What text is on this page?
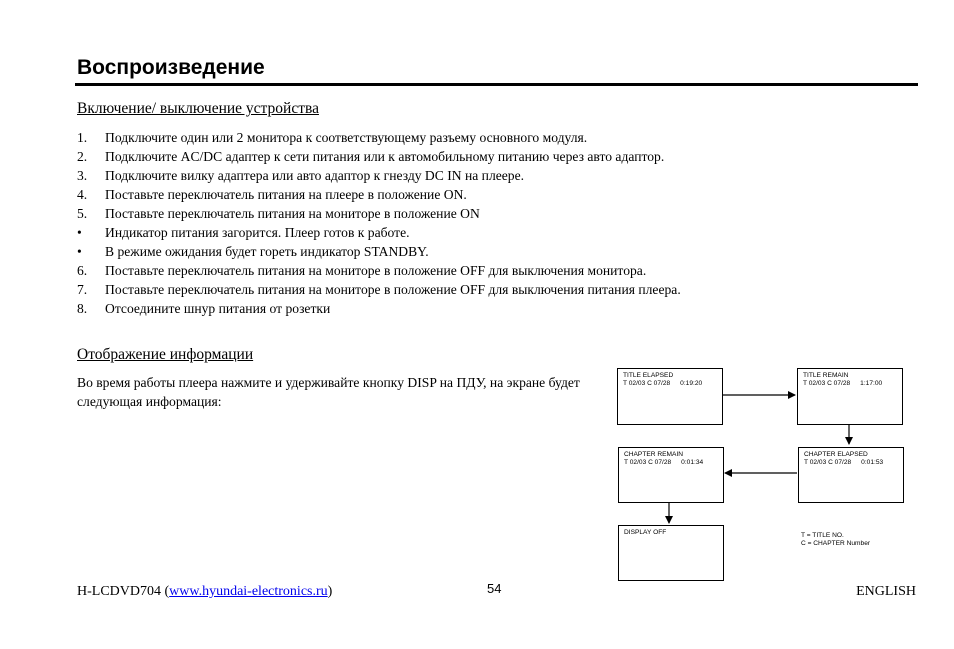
Воспроизведение
Включение/ выключение устройства
1.	Подключите один или 2 монитора к соответствующему разъему основного модуля.
2.	Подключите AC/DC адаптер к сети питания или к автомобильному питанию через авто адаптор.
3.	Подключите вилку адаптера или авто адаптор к гнезду DC IN на плеере.
4.	Поставьте переключатель питания на плеере в положение ON.
5.	Поставьте переключатель питания на мониторе в положение ON
•	Индикатор питания загорится. Плеер готов к работе.
•	В режиме ожидания будет гореть индикатор STANDBY.
6.	Поставьте переключатель питания на мониторе в положение OFF для выключения монитора.
7.	Поставьте переключатель питания на мониторе в положение OFF для выключения питания плеера.
8.	Отсоедините шнур питания от розетки
Отображение информации

Во время работы плеера нажмите и удерживайте кнопку DISP на ПДУ, на экране будет следующая информация:

TITLE ELAPSED
T 02/03 C 07/28 0:19:20
TITLE REMAIN
T 02/03 C 07/28 1:17:00
CHAPTER ELAPSED
T 02/03 C 07/28 0:01:53
CHAPTER REMAIN
T 02/03 C 07/28 0:01:34
DISPLAY OFF	T = TITLE NO.
C = CHAPTER Number
H-LCDVD704 (www.hyundai-electronics.ru)	54	ENGLISH
